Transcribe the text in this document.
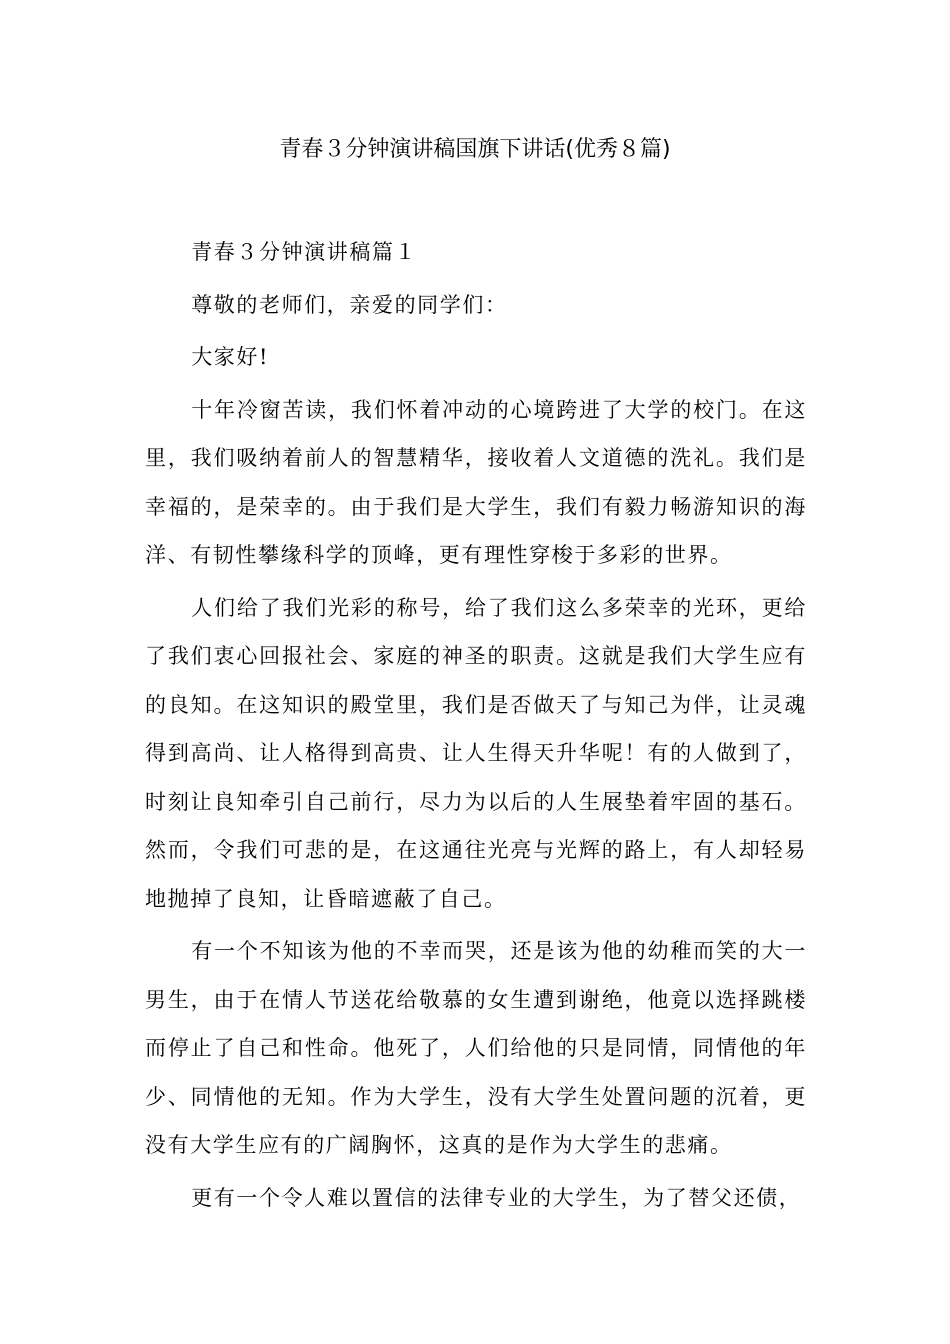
青春３分钟演讲稿国旗下讲话(优秀８篇)

青春３分钟演讲稿篇１

尊敬的老师们，亲爱的同学们：

大家好!

十年冷窗苦读，我们怀着冲动的心境跨进了大学的校门。在这里，我们吸纳着前人的智慧精华，接收着人文道德的洗礼。我们是幸福的，是荣幸的。由于我们是大学生，我们有毅力畅游知识的海洋、有韧性攀缘科学的顶峰，更有理性穿梭于多彩的世界。

人们给了我们光彩的称号，给了我们这么多荣幸的光环，更给了我们衷心回报社会、家庭的神圣的职责。这就是我们大学生应有的良知。在这知识的殿堂里，我们是否做天了与知己为伴，让灵魂得到高尚、让人格得到高贵、让人生得天升华呢！有的人做到了，时刻让良知牵引自己前行，尽力为以后的人生展垫着牢固的基石。然而，令我们可悲的是，在这通往光亮与光辉的路上，有人却轻易地抛掉了良知，让昏暗遮蔽了自己。

有一个不知该为他的不幸而哭，还是该为他的幼稚而笑的大一男生，由于在情人节送花给敬慕的女生遭到谢绝，他竟以选择跳楼而停止了自己和性命。他死了，人们给他的只是同情，同情他的年少、同情他的无知。作为大学生，没有大学生处置问题的沉着，更没有大学生应有的广阔胸怀，这真的是作为大学生的悲痛。

更有一个令人难以置信的法律专业的大学生，为了替父还债，
